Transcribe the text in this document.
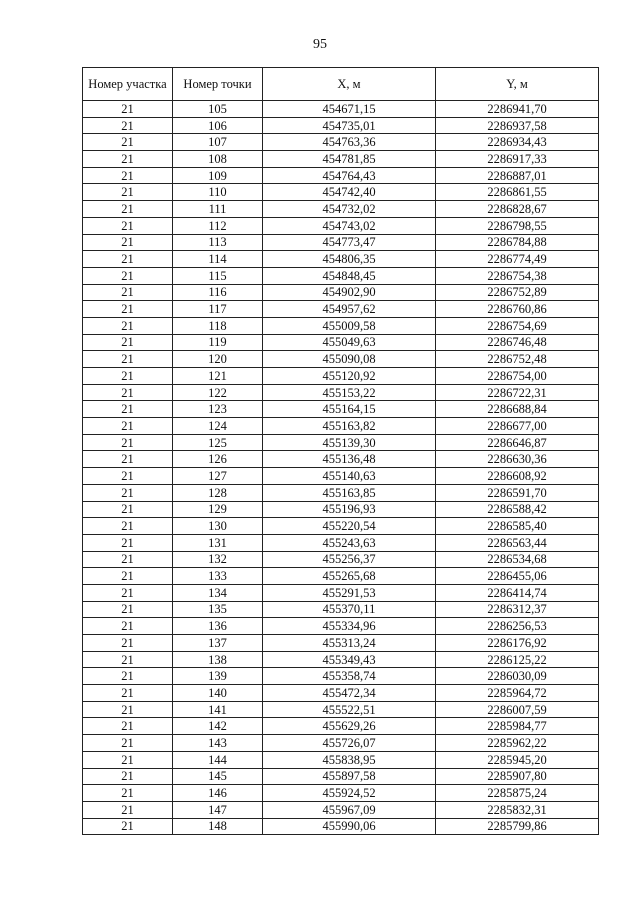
95
Номер участка	Номер точки	X, м	Y, м
21	105	454671,15	2286941,70
21	106	454735,01	2286937,58
21	107	454763,36	2286934,43
21	108	454781,85	2286917,33
21	109	454764,43	2286887,01
21	110	454742,40	2286861,55
21	111	454732,02	2286828,67
21	112	454743,02	2286798,55
21	113	454773,47	2286784,88
21	114	454806,35	2286774,49
21	115	454848,45	2286754,38
21	116	454902,90	2286752,89
21	117	454957,62	2286760,86
21	118	455009,58	2286754,69
21	119	455049,63	2286746,48
21	120	455090,08	2286752,48
21	121	455120,92	2286754,00
21	122	455153,22	2286722,31
21	123	455164,15	2286688,84
21	124	455163,82	2286677,00
21	125	455139,30	2286646,87
21	126	455136,48	2286630,36
21	127	455140,63	2286608,92
21	128	455163,85	2286591,70
21	129	455196,93	2286588,42
21	130	455220,54	2286585,40
21	131	455243,63	2286563,44
21	132	455256,37	2286534,68
21	133	455265,68	2286455,06
21	134	455291,53	2286414,74
21	135	455370,11	2286312,37
21	136	455334,96	2286256,53
21	137	455313,24	2286176,92
21	138	455349,43	2286125,22
21	139	455358,74	2286030,09
21	140	455472,34	2285964,72
21	141	455522,51	2286007,59
21	142	455629,26	2285984,77
21	143	455726,07	2285962,22
21	144	455838,95	2285945,20
21	145	455897,58	2285907,80
21	146	455924,52	2285875,24
21	147	455967,09	2285832,31
21	148	455990,06	2285799,86
